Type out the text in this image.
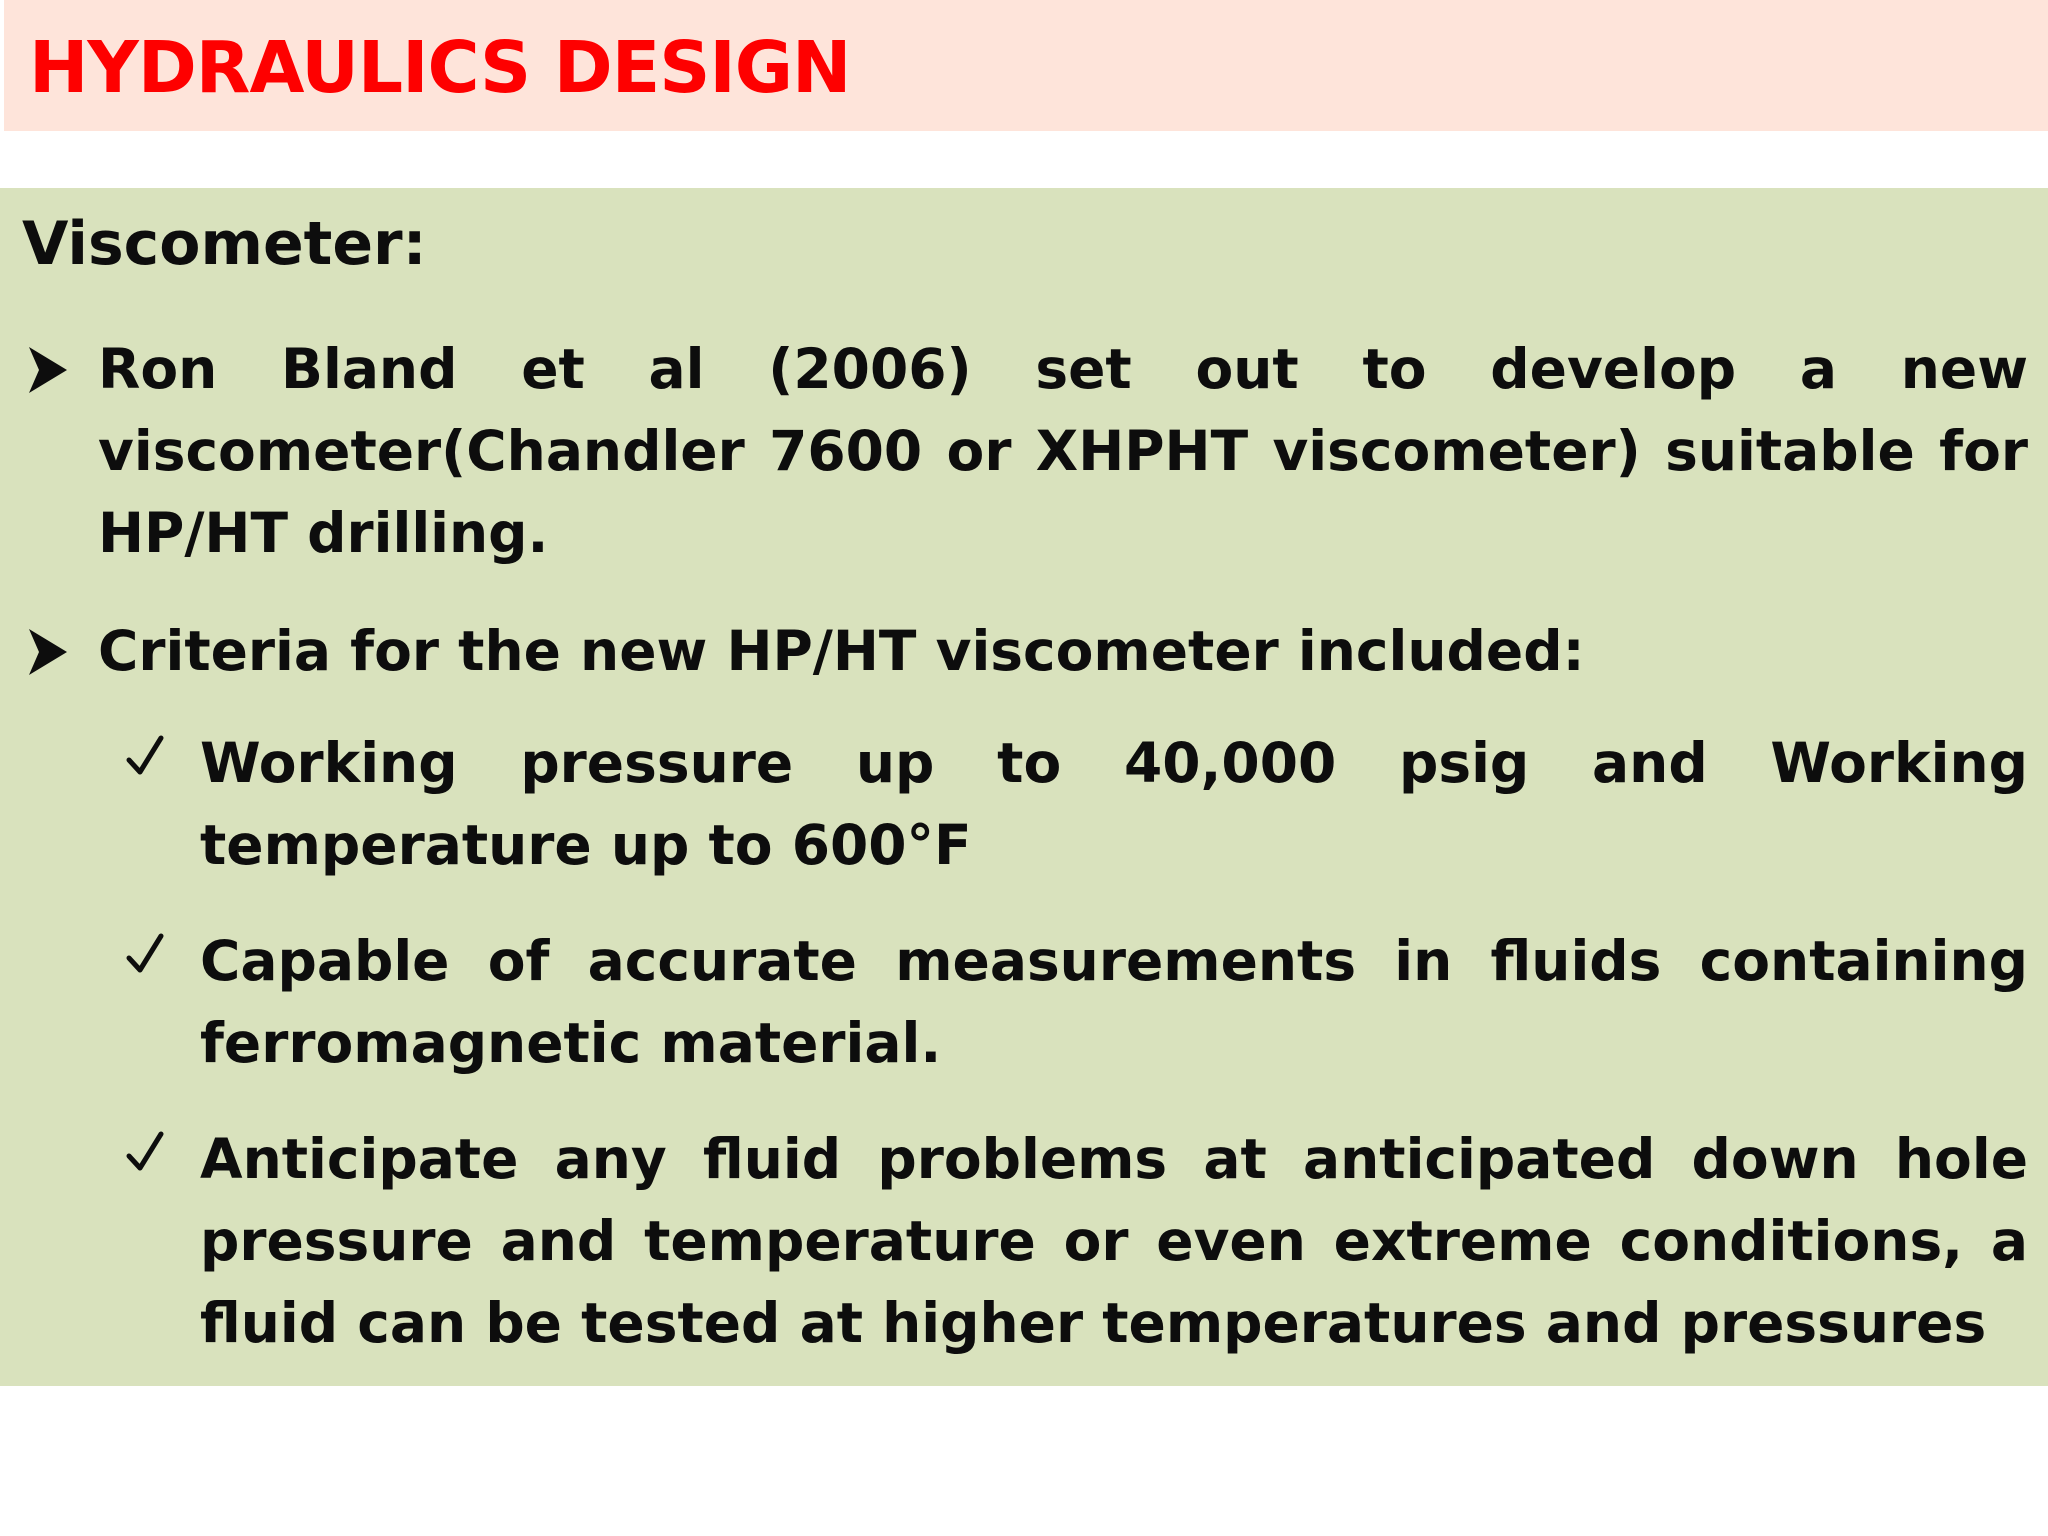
HYDRAULICS DESIGN
Viscometer:

Ron Bland et al (2006) set out to develop a new viscometer(Chandler 7600 or XHPHT viscometer) suitable for HP/HT drilling.

Criteria for the new HP/HT viscometer included:

Working pressure up to 40,000 psig and Working temperature up to 600°F

Capable of accurate measurements in fluids containing ferromagnetic material.

Anticipate any fluid problems at anticipated down hole pressure and temperature or even extreme conditions, a fluid can be tested at higher temperatures and pressures
